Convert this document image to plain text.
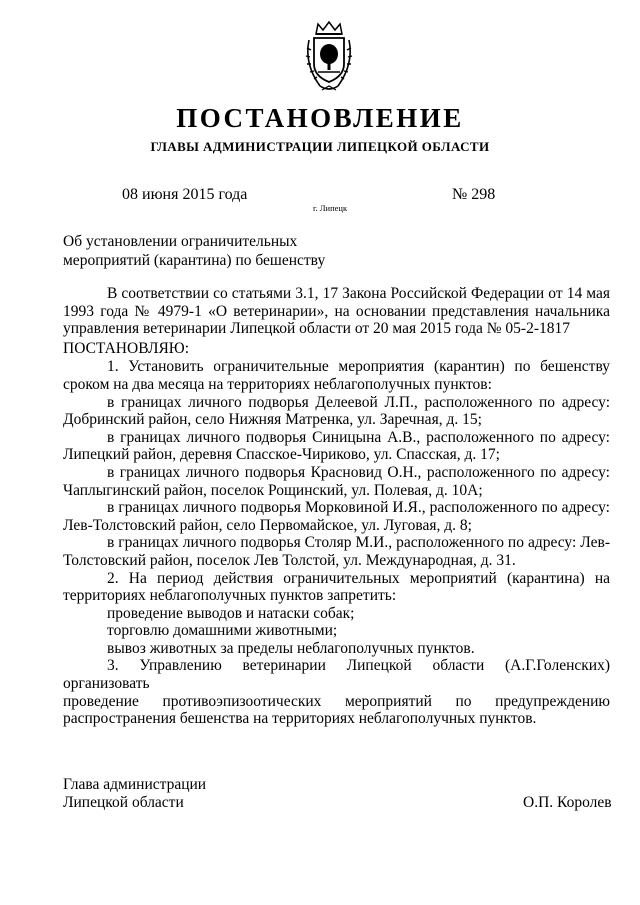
ПОСТАНОВЛЕНИЕ
ГЛАВЫ АДМИНИСТРАЦИИ ЛИПЕЦКОЙ ОБЛАСТИ
08 июня 2015 года
г. Липецк
№ 298
Об установлении ограничительных
мероприятий (карантина) по бешенству

В соответствии со статьями 3.1, 17 Закона Российской Федерации от 14 мая

1993 года № 4979-1 «О ветеринарии», на основании представления начальника

управления ветеринарии Липецкой области от 20 мая 2015 года № 05-2-1817

ПОСТАНОВЛЯЮ:

1. Установить ограничительные мероприятия (карантин) по бешенству

сроком на два месяца на территориях неблагополучных пунктов:

в границах личного подворья Делеевой Л.П., расположенного по адресу:

Добринский район, село Нижняя Матренка, ул. Заречная, д. 15;

в границах личного подворья Синицына А.В., расположенного по адресу:

Липецкий район, деревня Спасское-Чириково, ул. Спасская, д. 17;

в границах личного подворья Красновид О.Н., расположенного по адресу:

Чаплыгинский район, поселок Рощинский, ул. Полевая, д. 10А;

в границах личного подворья Морковиной И.Я., расположенного по адресу:

Лев-Толстовский район, село Первомайское, ул. Луговая, д. 8;

в границах личного подворья Столяр М.И., расположенного по адресу: Лев-

Толстовский район, поселок Лев Толстой, ул. Международная, д. 31.

2. На период действия ограничительных мероприятий (карантина) на

территориях неблагополучных пунктов запретить:

проведение выводов и натаски собак;

торговлю домашними животными;

вывоз животных за пределы неблагополучных пунктов.

3. Управлению ветеринарии Липецкой области (А.Г.Голенских) организовать

проведение противоэпизоотических мероприятий по предупреждению

распространения бешенства на территориях неблагополучных пунктов.

Глава администрации
Липецкой области	О.П. Королев
